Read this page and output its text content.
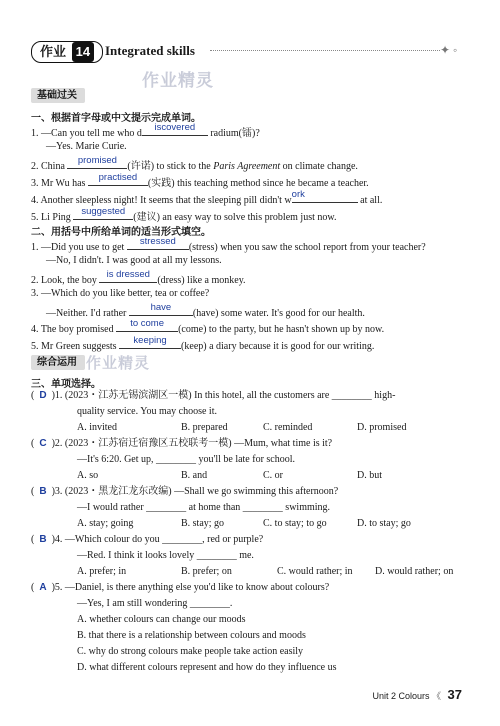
作业 14	Integrated skills	✦ ◦
作业精灵
基础过关
一、根据首字母或中文提示完成单词。
1. —Can you tell me who d
iscovered
radium(镭)?
—Yes. Marie Curie.
2. China
promised
(许诺) to stick to the Paris Agreement on climate change.
3. Mr Wu has
practised
(实践) this teaching method since he became a teacher.
4. Another sleepless night! It seems that the sleeping pill didn't w
ork
at all.
5. Li Ping
suggested
(建议) an easy way to solve this problem just now.
二、用括号中所给单词的适当形式填空。
1. —Did you use to get
stressed
(stress) when you saw the school report from your teacher?
—No, I didn't. I was good at all my lessons.
2. Look, the boy
is dressed
(dress) like a monkey.
3. —Which do you like better, tea or coffee?
—Neither. I'd rather
have
(have) some water. It's good for our health.
4. The boy promised
to come
(come) to the party, but he hasn't shown up by now.
5. Mr Green suggests
keeping
(keep) a diary because it is good for our writing.
综合运用 作业精灵
三、单项选择。
(  D )1. (2023・江苏无锡滨湖区一模) In this hotel, all the customers are ________ high-
quality service. You may choose it.
A. invited	B. prepared	C. reminded	D. promised
(  C )2. (2023・江苏宿迁宿豫区五校联考一模) —Mum, what time is it?
—It's 6:20. Get up, ________ you'll be late for school.
A. so	B. and	C. or	D. but
(  B )3. (2023・黑龙江龙东改编) —Shall we go swimming this afternoon?
—I would rather ________ at home than ________ swimming.
A. stay; going	B. stay; go	C. to stay; to go	D. to stay; go
(  B )4. —Which colour do you ________, red or purple?
—Red. I think it looks lovely ________ me.
A. prefer; in	B. prefer; on	C. would rather; in D. would rather; on
(  A )5. —Daniel, is there anything else you'd like to know about colours?
—Yes, I am still wondering ________.
A. whether colours can change our moods
B. that there is a relationship between colours and moods
C. why do strong colours make people take action easily
D. what different colours represent and how do they influence us
Unit 2 Colours 《 37
